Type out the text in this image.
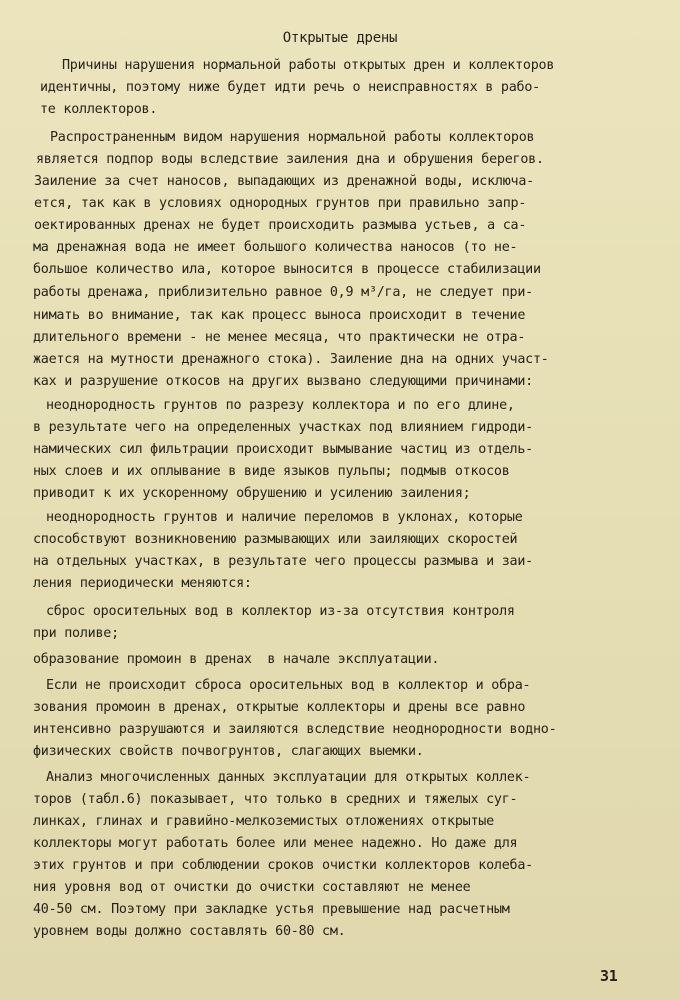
Открытые дрены
Причины нарушения нормальной работы открытых дрен и коллекторов
идентичны, поэтому ниже будет идти речь о неисправностях в рабо-
те коллекторов.
Распространенным видом нарушения нормальной работы коллекторов
является подпор воды вследствие заиления дна и обрушения берегов.
Заиление за счет наносов, выпадающих из дренажной воды, исключа-
ется, так как в условиях однородных грунтов при правильно запр-
оектированных дренах не будет происходить размыва устьев, а са-
ма дренажная вода не имеет большого количества наносов (то не-
большое количество ила, которое выносится в процессе стабилизации
работы дренажа, приблизительно равное 0,9 м³/га, не следует при-
нимать во внимание, так как процесс выноса происходит в течение
длительного времени - не менее месяца, что практически не отра-
жается на мутности дренажного стока). Заиление дна на одних участ-
ках и разрушение откосов на других вызвано следующими причинами:
неоднородность грунтов по разрезу коллектора и по его длине,
в результате чего на определенных участках под влиянием гидроди-
намических сил фильтрации происходит вымывание частиц из отдель-
ных слоев и их оплывание в виде языков пульпы; подмыв откосов
приводит к их ускоренному обрушению и усилению заиления;
неоднородность грунтов и наличие переломов в уклонах, которые
способствуют возникновению размывающих или заиляющих скоростей
на отдельных участках, в результате чего процессы размыва и заи-
ления периодически меняются:
сброс оросительных вод в коллектор из-за отсутствия контроля
при поливе;
образование промоин в дренах  в начале эксплуатации.
Если не происходит сброса оросительных вод в коллектор и обра-
зования промоин в дренах, открытые коллекторы и дрены все равно
интенсивно разрушаются и заиляются вследствие неоднородности водно-
физических свойств почвогрунтов, слагающих выемки.
Анализ многочисленных данных эксплуатации для открытых коллек-
торов (табл.6) показывает, что только в средних и тяжелых суг-
линках, глинах и гравийно-мелкоземистых отложениях открытые
коллекторы могут работать более или менее надежно. Но даже для
этих грунтов и при соблюдении сроков очистки коллекторов колеба-
ния уровня вод от очистки до очистки составляют не менее
40-50 см. Поэтому при закладке устья превышение над расчетным
уровнем воды должно составлять 60-80 см.
31
